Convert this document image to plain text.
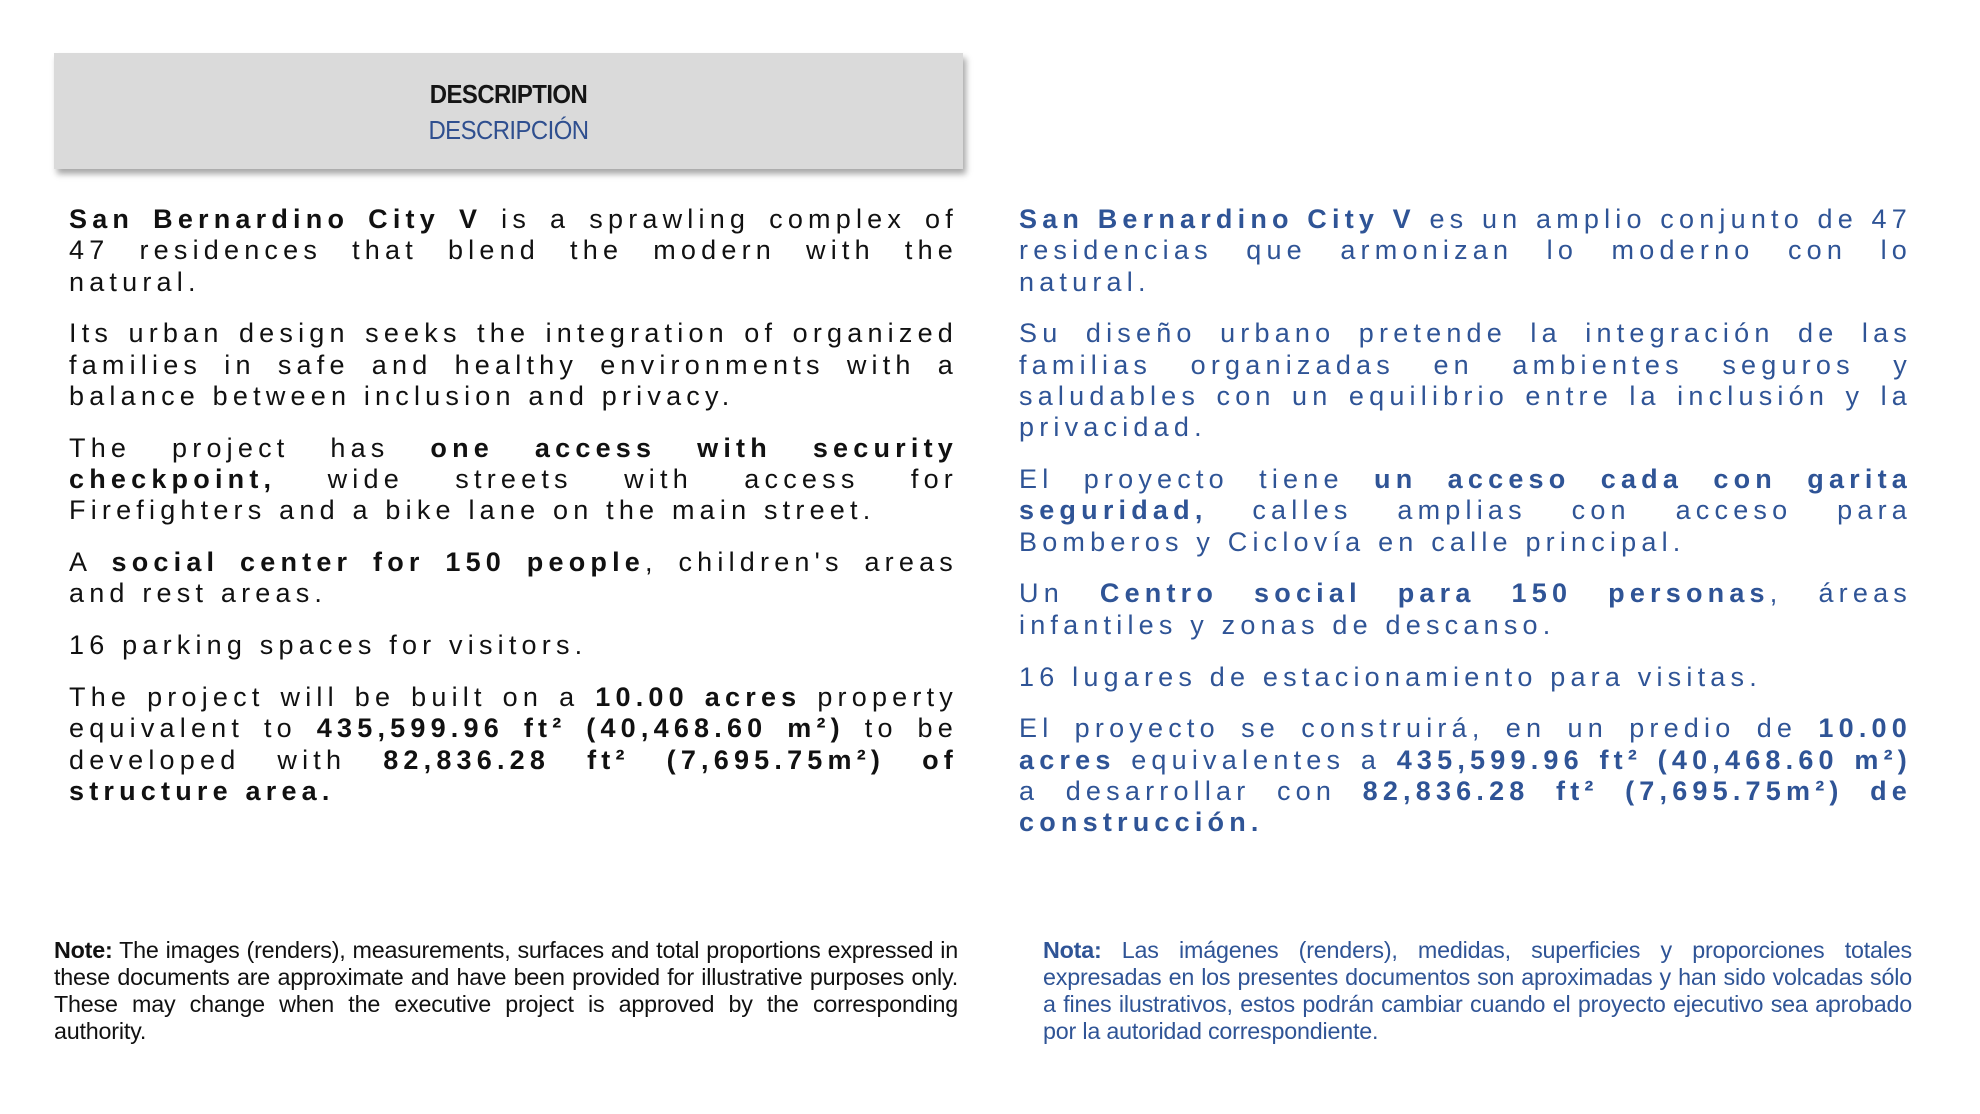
DESCRIPTION
DESCRIPCIÓN

San Bernardino City V is a sprawling complex of 47 residences that blend the modern with the natural.

Its urban design seeks the integration of organized families in safe and healthy environments with a balance between inclusion and privacy.

The project has one access with security checkpoint, wide streets with access for Firefighters and a bike lane on the main street.

A social center for 150 people, children's areas and rest areas.

16 parking spaces for visitors.

The project will be built on a 10.00 acres property equivalent to 435,599.96 ft² (40,468.60 m²) to be developed with 82,836.28 ft² (7,695.75m²) of structure area.

San Bernardino City V es un amplio conjunto de 47 residencias que armonizan lo moderno con lo natural.

Su diseño urbano pretende la integración de las familias organizadas en ambientes seguros y saludables con un equilibrio entre la inclusión y la privacidad.

El proyecto tiene un acceso cada con garita seguridad, calles amplias con acceso para Bomberos y Ciclovía en calle principal.

Un Centro social para 150 personas, áreas infantiles y zonas de descanso.

16 lugares de estacionamiento para visitas.

El proyecto se construirá, en un predio de 10.00 acres equivalentes a 435,599.96 ft² (40,468.60 m²) a desarrollar con 82,836.28 ft² (7,695.75m²) de construcción.

Note: The images (renders), measurements, surfaces and total proportions expressed in these documents are approximate and have been provided for illustrative purposes only. These may change when the executive project is approved by the corresponding authority.
Nota: Las imágenes (renders), medidas, superficies y proporciones totales expresadas en los presentes documentos son aproximadas y han sido volcadas sólo a fines ilustrativos, estos podrán cambiar cuando el proyecto ejecutivo sea aprobado por la autoridad correspondiente.
